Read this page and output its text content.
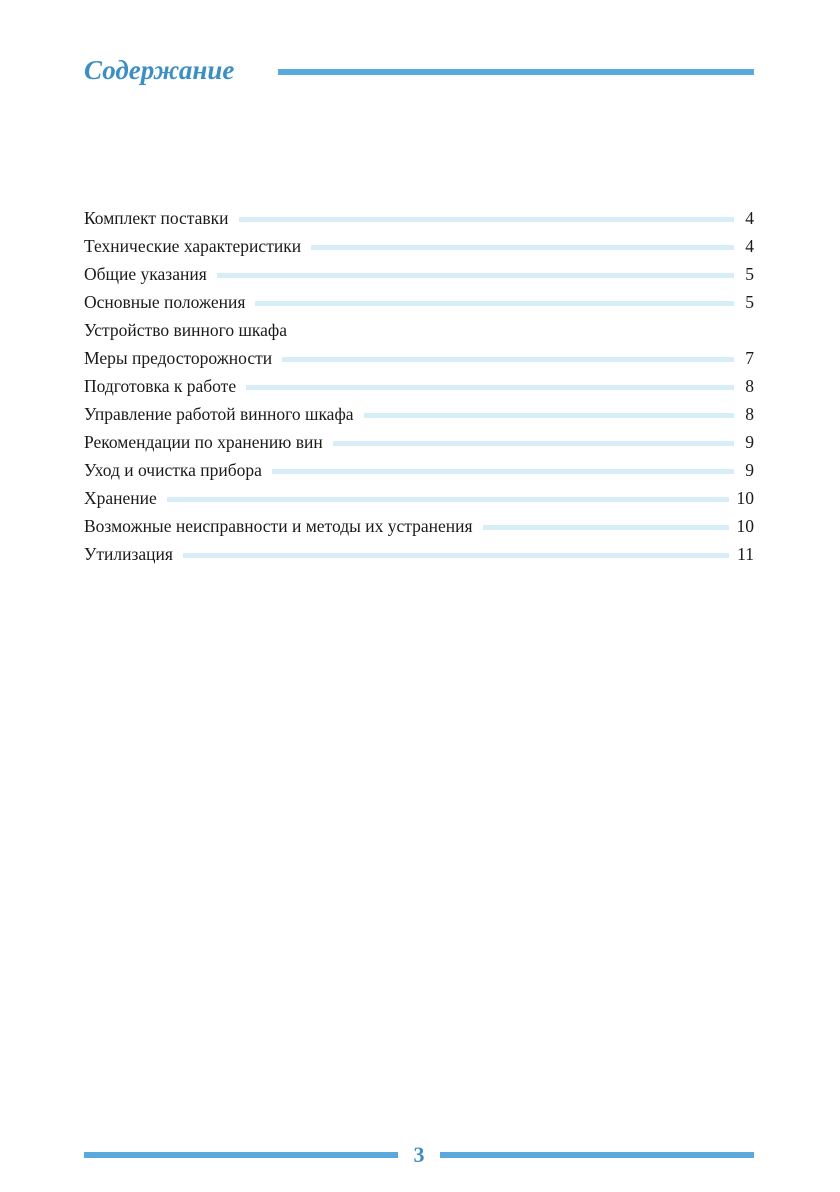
Содержание
Комплект поставки	4
Технические характеристики	4
Общие указания	5
Основные положения	5
Устройство винного шкафа
Меры предосторожности	7
Подготовка к работе	8
Управление работой винного шкафа	8
Рекомендации по хранению вин	9
Уход и очистка прибора	9
Хранение	10
Возможные неисправности и методы их устранения	10
Утилизация	11
3
